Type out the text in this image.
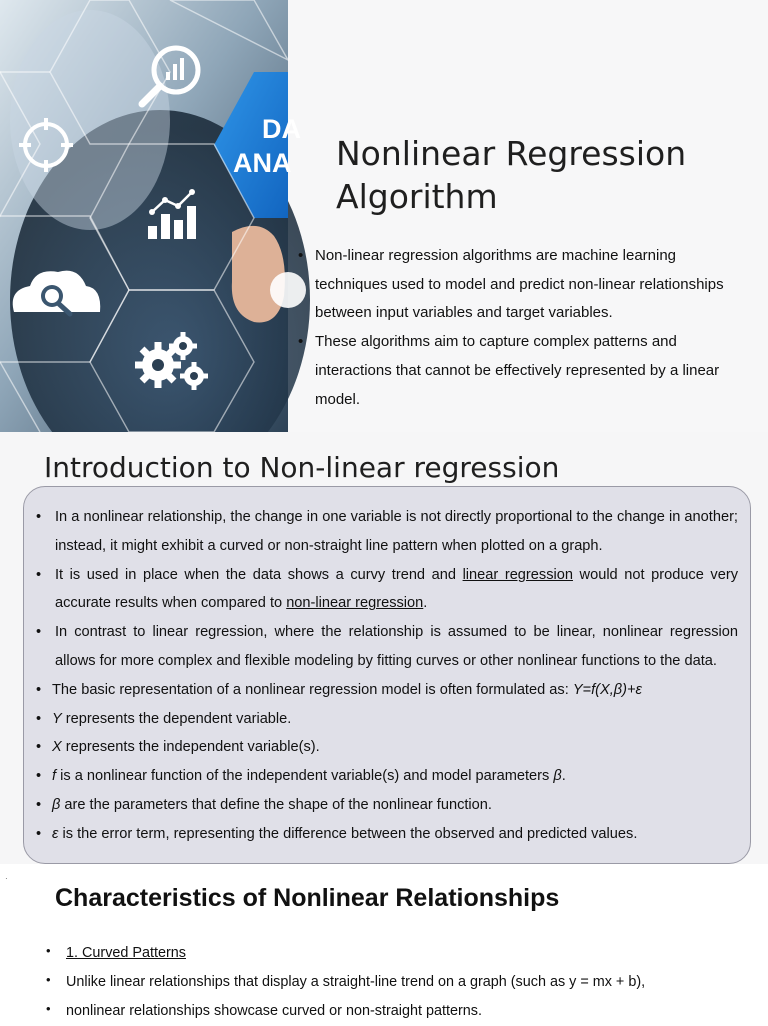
DA
ANA Nonlinear Regression Algorithm
• Non-linear regression algorithms are machine learning techniques used to model and predict non-linear relationships between input variables and target variables.
• These algorithms aim to capture complex patterns and interactions that cannot be effectively represented by a linear model.
Introduction to Non-linear regression
• In a nonlinear relationship, the change in one variable is not directly proportional to the change in another; instead, it might exhibit a curved or non-straight line pattern when plotted on a graph.
• It is used in place when the data shows a curvy trend and linear regression would not produce very accurate results when compared to non-linear regression.
• In contrast to linear regression, where the relationship is assumed to be linear, nonlinear regression allows for more complex and flexible modeling by fitting curves or other nonlinear functions to the data.
• The basic representation of a nonlinear regression model is often formulated as: Y=f(X,β)+ε
• Y represents the dependent variable.
• X represents the independent variable(s).
• f is a nonlinear function of the independent variable(s) and model parameters β.
• β are the parameters that define the shape of the nonlinear function.
• ε is the error term, representing the difference between the observed and predicted values.
·
Characteristics of Nonlinear Relationships
• 1. Curved Patterns
• Unlike linear relationships that display a straight-line trend on a graph (such as y = mx + b),
• nonlinear relationships showcase curved or non-straight patterns.
